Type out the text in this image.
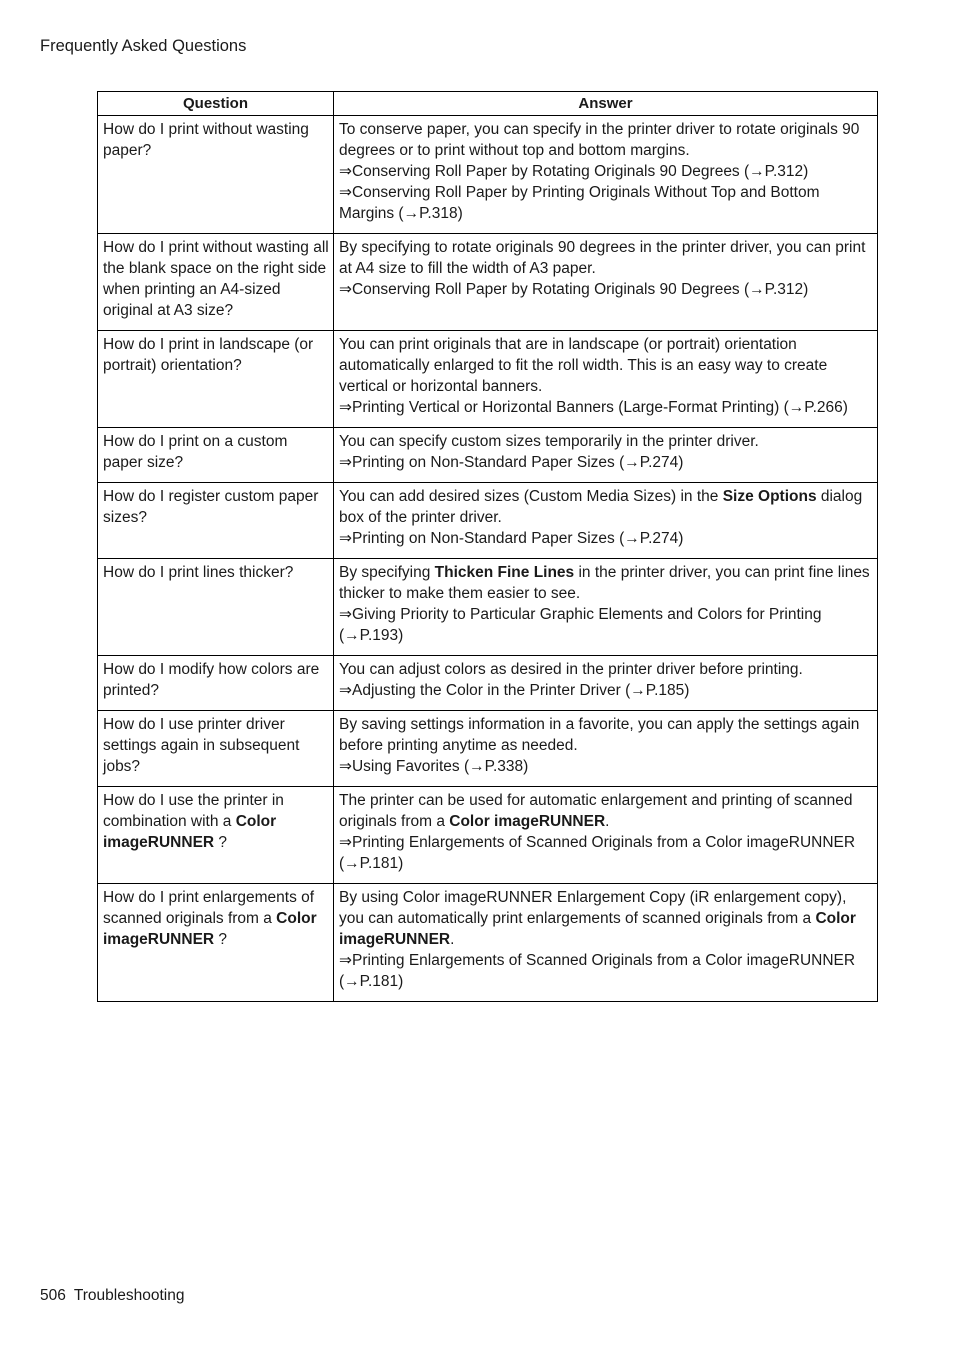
Frequently Asked Questions
Question	Answer
How do I print without wasting paper?	To conserve paper, you can specify in the printer driver to rotate originals 90 degrees or to print without top and bottom margins.
⇒Conserving Roll Paper by Rotating Originals 90 Degrees (→P.312)
⇒Conserving Roll Paper by Printing Originals Without Top and Bottom Margins (→P.318)

How do I print without wasting all the blank space on the right side when printing an A4-sized original at A3 size?	By specifying to rotate originals 90 degrees in the printer driver, you can print at A4 size to fill the width of A3 paper.
⇒Conserving Roll Paper by Rotating Originals 90 Degrees (→P.312)

How do I print in landscape (or portrait) orientation?	You can print originals that are in landscape (or portrait) orientation automatically enlarged to fit the roll width. This is an easy way to create vertical or horizontal banners.
⇒Printing Vertical or Horizontal Banners (Large-Format Printing) (→P.266)

How do I print on a custom paper size?	You can specify custom sizes temporarily in the printer driver.
⇒Printing on Non-Standard Paper Sizes (→P.274)

How do I register custom paper sizes?	You can add desired sizes (Custom Media Sizes) in the Size Options dialog box of the printer driver.
⇒Printing on Non-Standard Paper Sizes (→P.274)

How do I print lines thicker?	By specifying Thicken Fine Lines in the printer driver, you can print fine lines thicker to make them easier to see.
⇒Giving Priority to Particular Graphic Elements and Colors for Printing (→P.193)

How do I modify how colors are printed?	You can adjust colors as desired in the printer driver before printing.
⇒Adjusting the Color in the Printer Driver (→P.185)

How do I use printer driver settings again in subsequent jobs?	By saving settings information in a favorite, you can apply the settings again before printing anytime as needed.
⇒Using Favorites (→P.338)

How do I use the printer in combination with a Color imageRUNNER ?	The printer can be used for automatic enlargement and printing of scanned originals from a Color imageRUNNER.
⇒Printing Enlargements of Scanned Originals from a Color imageRUNNER (→P.181)

How do I print enlargements of scanned originals from a Color imageRUNNER ?	By using Color imageRUNNER Enlargement Copy (iR enlargement copy), you can automatically print enlargements of scanned originals from a Color imageRUNNER.
⇒Printing Enlargements of Scanned Originals from a Color imageRUNNER (→P.181)
506 Troubleshooting
